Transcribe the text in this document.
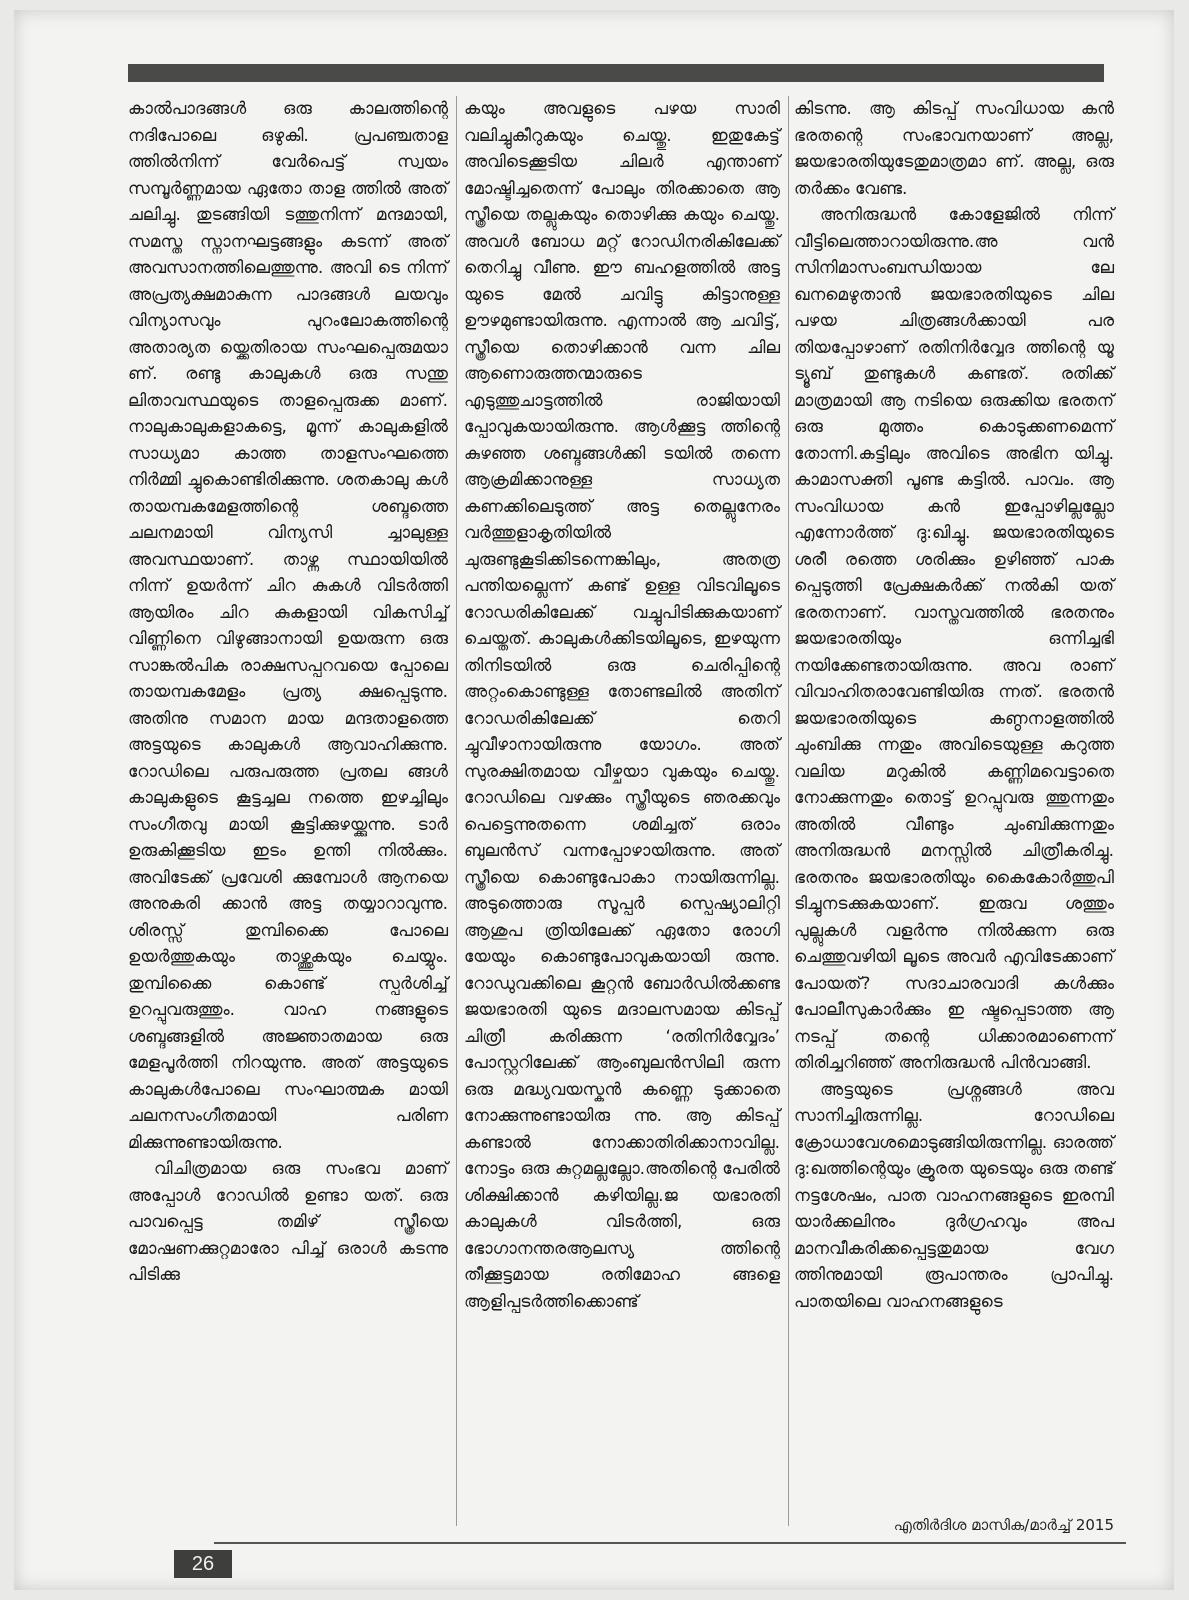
കാൽപാദങ്ങൾ ഒരു കാലത്തിന്റെ നദിപോലെ ഒഴുകി. പ്രപഞ്ചതാള ത്തിൽനിന്ന് വേർപെട്ട് സ്വയം സമ്പൂർണ്ണമായ ഏതോ താള ത്തിൽ അത് ചലിച്ചു. തുടങ്ങിയി ടത്തുനിന്ന് മന്ദമായി, സമസ്ത സ്നാനഘട്ടങ്ങളും കടന്ന് അത് അവസാനത്തിലെത്തുന്നു. അവി ടെ നിന്ന് അപ്രത്യക്ഷമാകുന്ന പാദങ്ങൾ ലയവും വിന്യാസവും പുറംലോകത്തിന്റെ അതാര്യത യ്ക്കെതിരായ സംഘപ്പെരുമയാ ണ്. രണ്ടു കാലുകൾ ഒരു സന്തു ലിതാവസ്ഥയുടെ താളപ്പെരുക്ക മാണ്. നാലുകാലുകളാകട്ടെ, മൂന്ന് കാലുകളിൽ സാധ്യമാ കാത്ത താളസംഘത്തെ നിർമ്മി ച്ചുകൊണ്ടിരിക്കുന്നു. ശതകാലു കൾ തായമ്പകമേളത്തിന്റെ ശബ്ദത്തെ ചലനമായി വിന്യസി ച്ചാലുള്ള അവസ്ഥയാണ്. താഴ്ന്ന സ്ഥായിയിൽ നിന്ന് ഉയർന്ന് ചിറ കുകൾ വിടർത്തി ആയിരം ചിറ കുകളായി വികസിച്ച് വിണ്ണിനെ വിഴുങ്ങാനായി ഉയരുന്ന ഒരു സാങ്കൽപിക രാക്ഷസപ്പറവയെ പ്പോലെ തായമ്പകമേളം പ്രത്യ ക്ഷപ്പെടുന്നു. അതിനു സമാന മായ മന്ദതാളത്തെ അട്ടയുടെ കാലുകൾ ആവാഹിക്കുന്നു. റോഡിലെ പരുപരുത്ത പ്രതല ങ്ങൾ കാലുകളുടെ കൂട്ടച്ചല നത്തെ ഇഴച്ചിലും സംഗീതവു മായി കൂട്ടിക്കുഴയ്ക്കുന്നു. ടാർ ഉരുകിക്കൂടിയ ഇടം ഉന്തി നിൽക്കും. അവിടേക്ക് പ്രവേശി ക്കുമ്പോൾ ആനയെ അനുകരി ക്കാൻ അട്ട തയ്യാറാവുന്നു. ശിരസ്സ് തുമ്പിക്കൈ പോലെ ഉയർത്തുകയും താഴ്ത്തുകയും ചെയ്യും. തുമ്പിക്കൈ കൊണ്ട് സ്പർശിച്ച് ഉറപ്പുവരുത്തും. വാഹ നങ്ങളുടെ ശബ്ദങ്ങളിൽ അജ്ഞാതമായ ഒരു മേളപൂർത്തി നിറയുന്നു. അത് അട്ടയുടെ കാലുകൾപോലെ സംഘാത്മക മായി ചലനസംഗീതമായി പരിണ മിക്കുന്നുണ്ടായിരുന്നു.

വിചിത്രമായ ഒരു സംഭവ മാണ് അപ്പോൾ റോഡിൽ ഉണ്ടാ യത്. ഒരു പാവപ്പെട്ട തമിഴ് സ്ത്രീയെ മോഷണക്കുറ്റമാരോ പിച്ച് ഒരാൾ കടന്നു പിടിക്കു

കയും അവളുടെ പഴയ സാരി വലിച്ചുകീറുകയും ചെയ്തു. ഇതുകേട്ട് അവിടെക്കൂടിയ ചിലർ എന്താണ് മോഷ്ടിച്ചതെന്ന് പോലും തിരക്കാതെ ആ സ്ത്രീയെ തല്ലുകയും തൊഴിക്കു കയും ചെയ്തു. അവൾ ബോധ മറ്റ് റോഡിനരികിലേക്ക് തെറിച്ചു വീണു. ഈ ബഹളത്തിൽ അട്ട യുടെ മേൽ ചവിട്ടു കിട്ടാനുള്ള ഊഴമുണ്ടായിരുന്നു. എന്നാൽ ആ ചവിട്ട്, സ്ത്രീയെ തൊഴിക്കാൻ വന്ന ചില ആണൊരുത്തന്മാരുടെ എടുത്തുചാട്ടത്തിൽ രാജിയായി പ്പോവുകയായിരുന്നു. ആൾക്കൂട്ട ത്തിന്റെ കുഴഞ്ഞ ശബ്ദങ്ങൾക്കി ടയിൽ തന്നെ ആക്രമിക്കാനുള്ള സാധ്യത കണക്കിലെടുത്ത് അട്ട തെല്ലുനേരം വർത്തുളാകൃതിയിൽ ചുരുണ്ടുകൂടിക്കിടന്നെങ്കിലും, അതത്ര പന്തിയല്ലെന്ന് കണ്ട് ഉള്ള വിടവിലൂടെ റോഡരികിലേക്ക് വച്ചുപിടിക്കുകയാണ് ചെയ്തത്. കാലുകൾക്കിടയിലൂടെ, ഇഴയുന്ന തിനിടയിൽ ഒരു ചെരിപ്പിന്റെ അറ്റംകൊണ്ടുള്ള തോണ്ടലിൽ അതിന് റോഡരികിലേക്ക് തെറി ച്ചുവീഴാനായിരുന്നു യോഗം. അത് സുരക്ഷിതമായ വീഴ്ചയാ വുകയും ചെയ്തു. റോഡിലെ വഴക്കും സ്ത്രീയുടെ ഞരക്കവും പെട്ടെന്നുതന്നെ ശമിച്ചത് ഒരാം ബുലൻസ് വന്നപ്പോഴായിരുന്നു. അത് സ്ത്രീയെ കൊണ്ടുപോകാ നായിരുന്നില്ല. അടുത്തൊരു സൂപ്പർ സ്പെഷ്യാലിറ്റി ആശുപ ത്രിയിലേക്ക് ഏതോ രോഗി യേയും കൊണ്ടുപോവുകയായി രുന്നു. റോഡുവക്കിലെ കൂറ്റൻ ബോർഡിൽക്കണ്ട ജയഭാരതി യുടെ മദാലസമായ കിടപ്പ് ചിത്രീ കരിക്കുന്ന ‘രതിനിർവ്വേദം’ പോസ്റ്ററിലേക്ക് ആംബുലൻസിലി രുന്ന ഒരു മദ്ധ്യവയസ്കൻ കണ്ണെ ടുക്കാതെ നോക്കുന്നുണ്ടായിരു ന്നു. ആ കിടപ്പ് കണ്ടാൽ നോക്കാതിരിക്കാനാവില്ല. നോട്ടം ഒരു കുറ്റമല്ലല്ലോ.അതിന്റെ പേരിൽ ശിക്ഷിക്കാൻ കഴിയില്ല.ജ യഭാരതി കാലുകൾ വിടർത്തി, ഒരു ഭോഗാനന്തരആലസ്യ ത്തിന്റെ തീക്കൂട്ടമായ രതിമോഹ ങ്ങളെ ആളിപ്പടർത്തിക്കൊണ്ട്

കിടന്നു. ആ കിടപ്പ് സംവിധായ കൻ ഭരതന്റെ സംഭാവനയാണ് അല്ല, ജയഭാരതിയുടേതുമാത്രമാ ണ്. അല്ല, ഒരു തർക്കം വേണ്ട.

അനിരുദ്ധൻ കോളേജിൽ നിന്ന് വീട്ടിലെത്താറായിരുന്നു.അ വൻ സിനിമാസംബന്ധിയായ ലേ ഖനമെഴുതാൻ ജയഭാരതിയുടെ ചില പഴയ ചിത്രങ്ങൾക്കായി പര തിയപ്പോഴാണ് രതിനിർവ്വേദ ത്തിന്റെ യൂ ട്യൂബ് തുണ്ടുകൾ കണ്ടത്. രതിക്ക് മാത്രമായി ആ നടിയെ ഒരുക്കിയ ഭരതന് ഒരു മുത്തം കൊടുക്കണമെന്ന് തോന്നി.കട്ടിലും അവിടെ അഭിന യിച്ചു. കാമാസക്തി പൂണ്ട കട്ടിൽ. പാവം. ആ സംവിധായ കൻ ഇപ്പോഴില്ലല്ലോ എന്നോർത്ത് ദു:ഖിച്ചു. ജയഭാരതിയുടെ ശരീ രത്തെ ശരിക്കും ഉഴിഞ്ഞ് പാക പ്പെടുത്തി പ്രേക്ഷകർക്ക് നൽകി യത് ഭരതനാണ്. വാസ്തവത്തിൽ ഭരതനും ജയഭാരതിയും ഒന്നിച്ചഭി നയിക്കേണ്ടതായിരുന്നു. അവ രാണ് വിവാഹിതരാവേണ്ടിയിരു ന്നത്. ഭരതൻ ജയഭാരതിയുടെ കണ്ഠനാളത്തിൽ ചുംബിക്കു ന്നതും അവിടെയുള്ള കറുത്ത വലിയ മറുകിൽ കണ്ണിമവെട്ടാതെ നോക്കുന്നതും തൊട്ട് ഉറപ്പുവരു ത്തുന്നതും അതിൽ വീണ്ടും ചുംബിക്കുന്നതും അനിരുദ്ധൻ മനസ്സിൽ ചിത്രീകരിച്ചു. ഭരതനും ജയഭാരതിയും കൈകോർത്തുപി ടിച്ചുനടക്കുകയാണ്. ഇരുവ ശത്തും പുല്ലുകൾ വളർന്നു നിൽക്കുന്ന ഒരു ചെത്തുവഴിയി ലൂടെ അവർ എവിടേക്കാണ് പോയത്? സദാചാരവാദി കൾക്കും പോലീസുകാർക്കും ഇ ഷ്ടപ്പെടാത്ത ആ നടപ്പ് തന്റെ ധിക്കാരമാണെന്ന് തിരിച്ചറിഞ്ഞ് അനിരുദ്ധൻ പിൻവാങ്ങി.

അട്ടയുടെ പ്രശ്നങ്ങൾ അവ സാനിച്ചിരുന്നില്ല. റോഡിലെ ക്രോധാവേശമൊടുങ്ങിയിരുന്നില്ല. ഓരത്ത് ദു:ഖത്തിന്റെയും ക്രൂരത യുടെയും ഒരു തണ്ട് നട്ടശേഷം, പാത വാഹനങ്ങളുടെ ഇരമ്പി യാർക്കലിനും ദുർഗ്രഹവും അപ മാനവീകരിക്കപ്പെട്ടതുമായ വേഗ ത്തിനുമായി രൂപാന്തരം പ്രാപിച്ചു. പാതയിലെ വാഹനങ്ങളുടെ

എതിർദിശ മാസിക/മാർച്ച് 2015
26
